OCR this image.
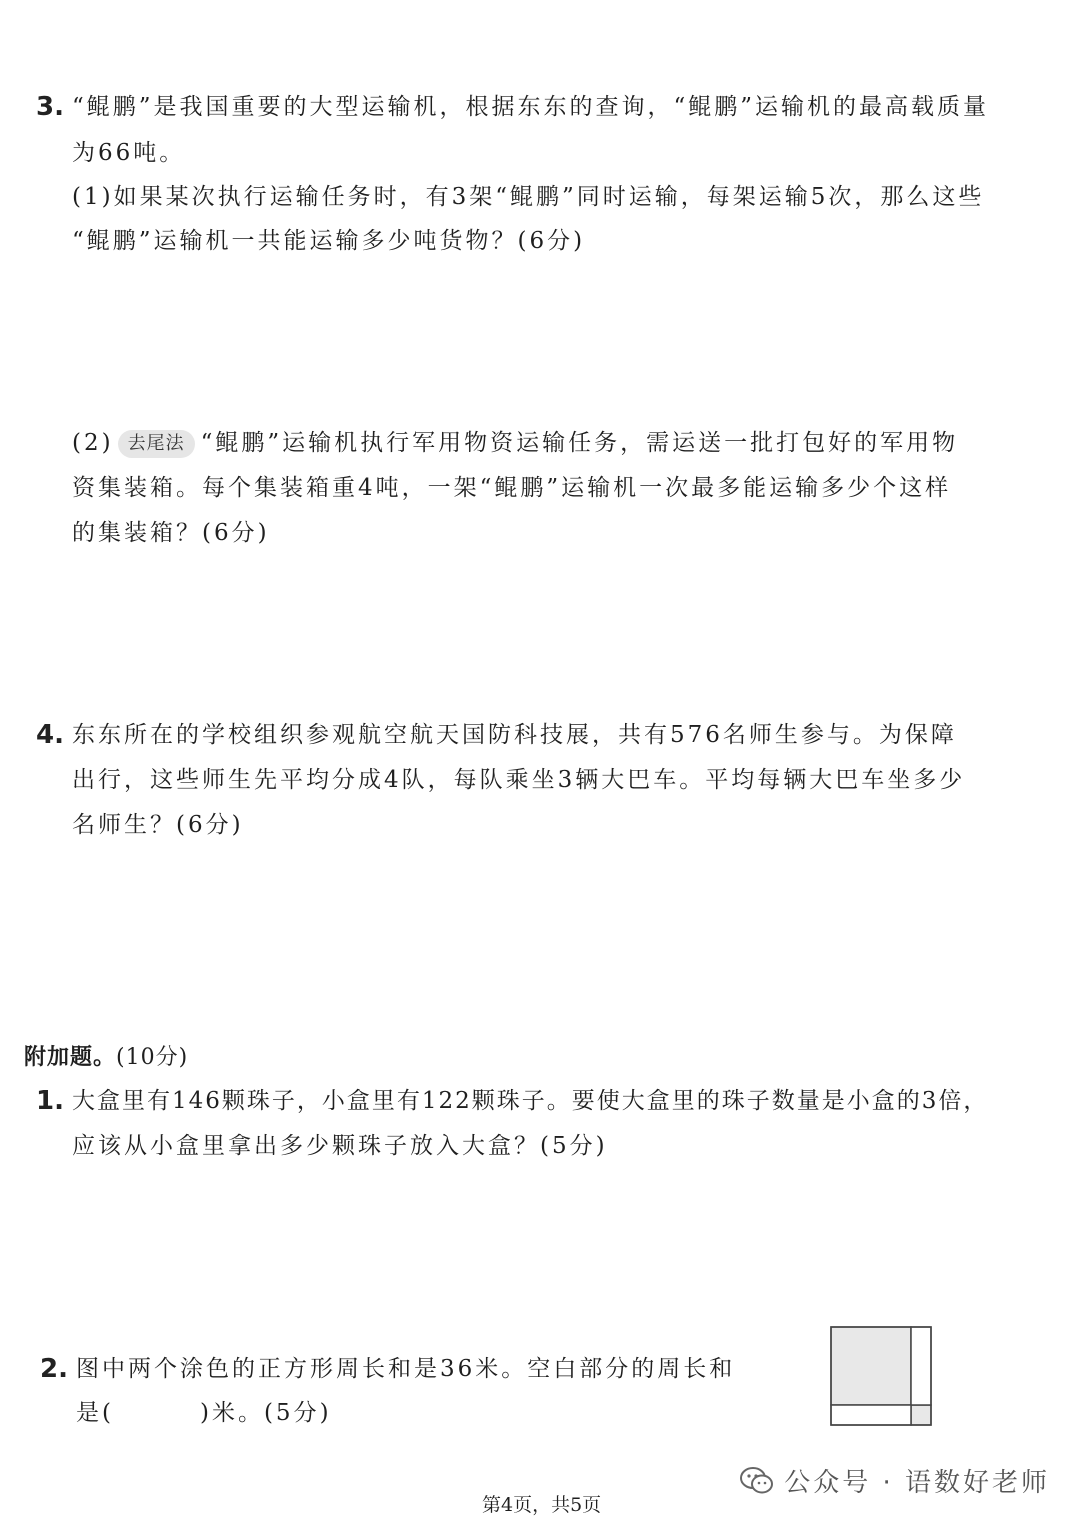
3. “鲲鹏”是我国重要的大型运输机，根据东东的查询，“鲲鹏”运输机的最高载质量
为66吨。
(1)如果某次执行运输任务时，有3架“鲲鹏”同时运输，每架运输5次，那么这些
“鲲鹏”运输机一共能运输多少吨货物？(6分)
(2) 去尾法 “鲲鹏”运输机执行军用物资运输任务，需运送一批打包好的军用物
资集装箱。每个集装箱重4吨，一架“鲲鹏”运输机一次最多能运输多少个这样
的集装箱？(6分)
4. 东东所在的学校组织参观航空航天国防科技展，共有576名师生参与。为保障
出行，这些师生先平均分成4队，每队乘坐3辆大巴车。平均每辆大巴车坐多少
名师生？(6分)
附加题。(10分)
1. 大盒里有146颗珠子，小盒里有122颗珠子。要使大盒里的珠子数量是小盒的3倍，
应该从小盒里拿出多少颗珠子放入大盒？(5分)
2. 图中两个涂色的正方形周长和是36米。空白部分的周长和
是(	)米。(5分)
第4页，共5页
公众号 · 语数好老师
